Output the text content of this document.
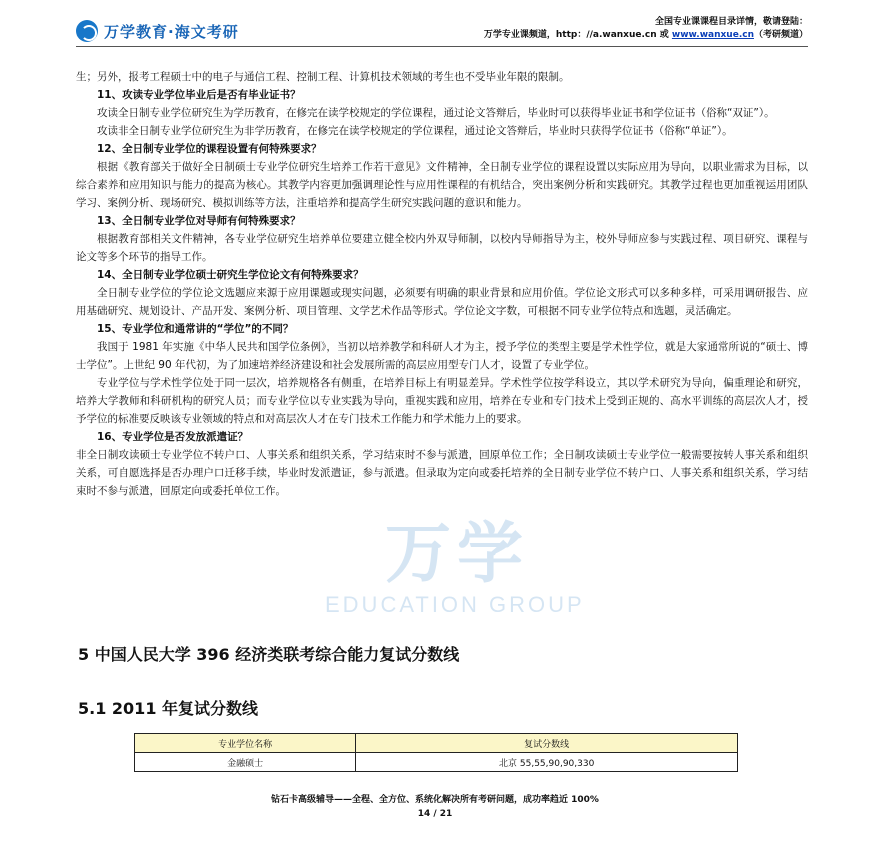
万学教育·海文考研
全国专业课课程目录详情，敬请登陆：
万学专业课频道，http：//a.wanxue.cn 或 www.wanxue.cn（考研频道）
万学
EDUCATION GROUP

生；另外，报考工程硕士中的电子与通信工程、控制工程、计算机技术领域的考生也不受毕业年限的限制。

11、攻读专业学位毕业后是否有毕业证书？

攻读全日制专业学位研究生为学历教育，在修完在读学校规定的学位课程，通过论文答辩后，毕业时可以获得毕业证书和学位证书（俗称“双证”）。

攻读非全日制专业学位研究生为非学历教育，在修完在读学校规定的学位课程，通过论文答辩后，毕业时只获得学位证书（俗称“单证”）。

12、全日制专业学位的课程设置有何特殊要求？

根据《教育部关于做好全日制硕士专业学位研究生培养工作若干意见》文件精神，全日制专业学位的课程设置以实际应用为导向，以职业需求为目标，以综合素养和应用知识与能力的提高为核心。其教学内容更加强调理论性与应用性课程的有机结合，突出案例分析和实践研究。其教学过程也更加重视运用团队学习、案例分析、现场研究、模拟训练等方法，注重培养和提高学生研究实践问题的意识和能力。

13、全日制专业学位对导师有何特殊要求？

根据教育部相关文件精神，各专业学位研究生培养单位要建立健全校内外双导师制，以校内导师指导为主，校外导师应参与实践过程、项目研究、课程与论文等多个环节的指导工作。

14、全日制专业学位硕士研究生学位论文有何特殊要求？

全日制专业学位的学位论文选题应来源于应用课题或现实问题，必须要有明确的职业背景和应用价值。学位论文形式可以多种多样，可采用调研报告、应用基础研究、规划设计、产品开发、案例分析、项目管理、文学艺术作品等形式。学位论文字数，可根据不同专业学位特点和选题，灵活确定。

15、专业学位和通常讲的“学位”的不同？

我国于 1981 年实施《中华人民共和国学位条例》，当初以培养教学和科研人才为主，授予学位的类型主要是学术性学位，就是大家通常所说的“硕士、博士学位”。上世纪 90 年代初，为了加速培养经济建设和社会发展所需的高层应用型专门人才，设置了专业学位。

专业学位与学术性学位处于同一层次，培养规格各有侧重，在培养目标上有明显差异。学术性学位按学科设立，其以学术研究为导向，偏重理论和研究，培养大学教师和科研机构的研究人员；而专业学位以专业实践为导向，重视实践和应用，培养在专业和专门技术上受到正规的、高水平训练的高层次人才，授予学位的标准要反映该专业领域的特点和对高层次人才在专门技术工作能力和学术能力上的要求。

16、专业学位是否发放派遣证？

非全日制攻读硕士专业学位不转户口、人事关系和组织关系，学习结束时不参与派遣，回原单位工作；全日制攻读硕士专业学位一般需要按转人事关系和组织关系，可自愿选择是否办理户口迁移手续，毕业时发派遣证，参与派遣。但录取为定向或委托培养的全日制专业学位不转户口、人事关系和组织关系，学习结束时不参与派遣，回原定向或委托单位工作。

5 中国人民大学 396 经济类联考综合能力复试分数线
5.1 2011 年复试分数线
专业学位名称	复试分数线
金融硕士	北京 55,55,90,90,330
钻石卡高级辅导——全程、全方位、系统化解决所有考研问题，成功率趋近 100%
14 / 21
